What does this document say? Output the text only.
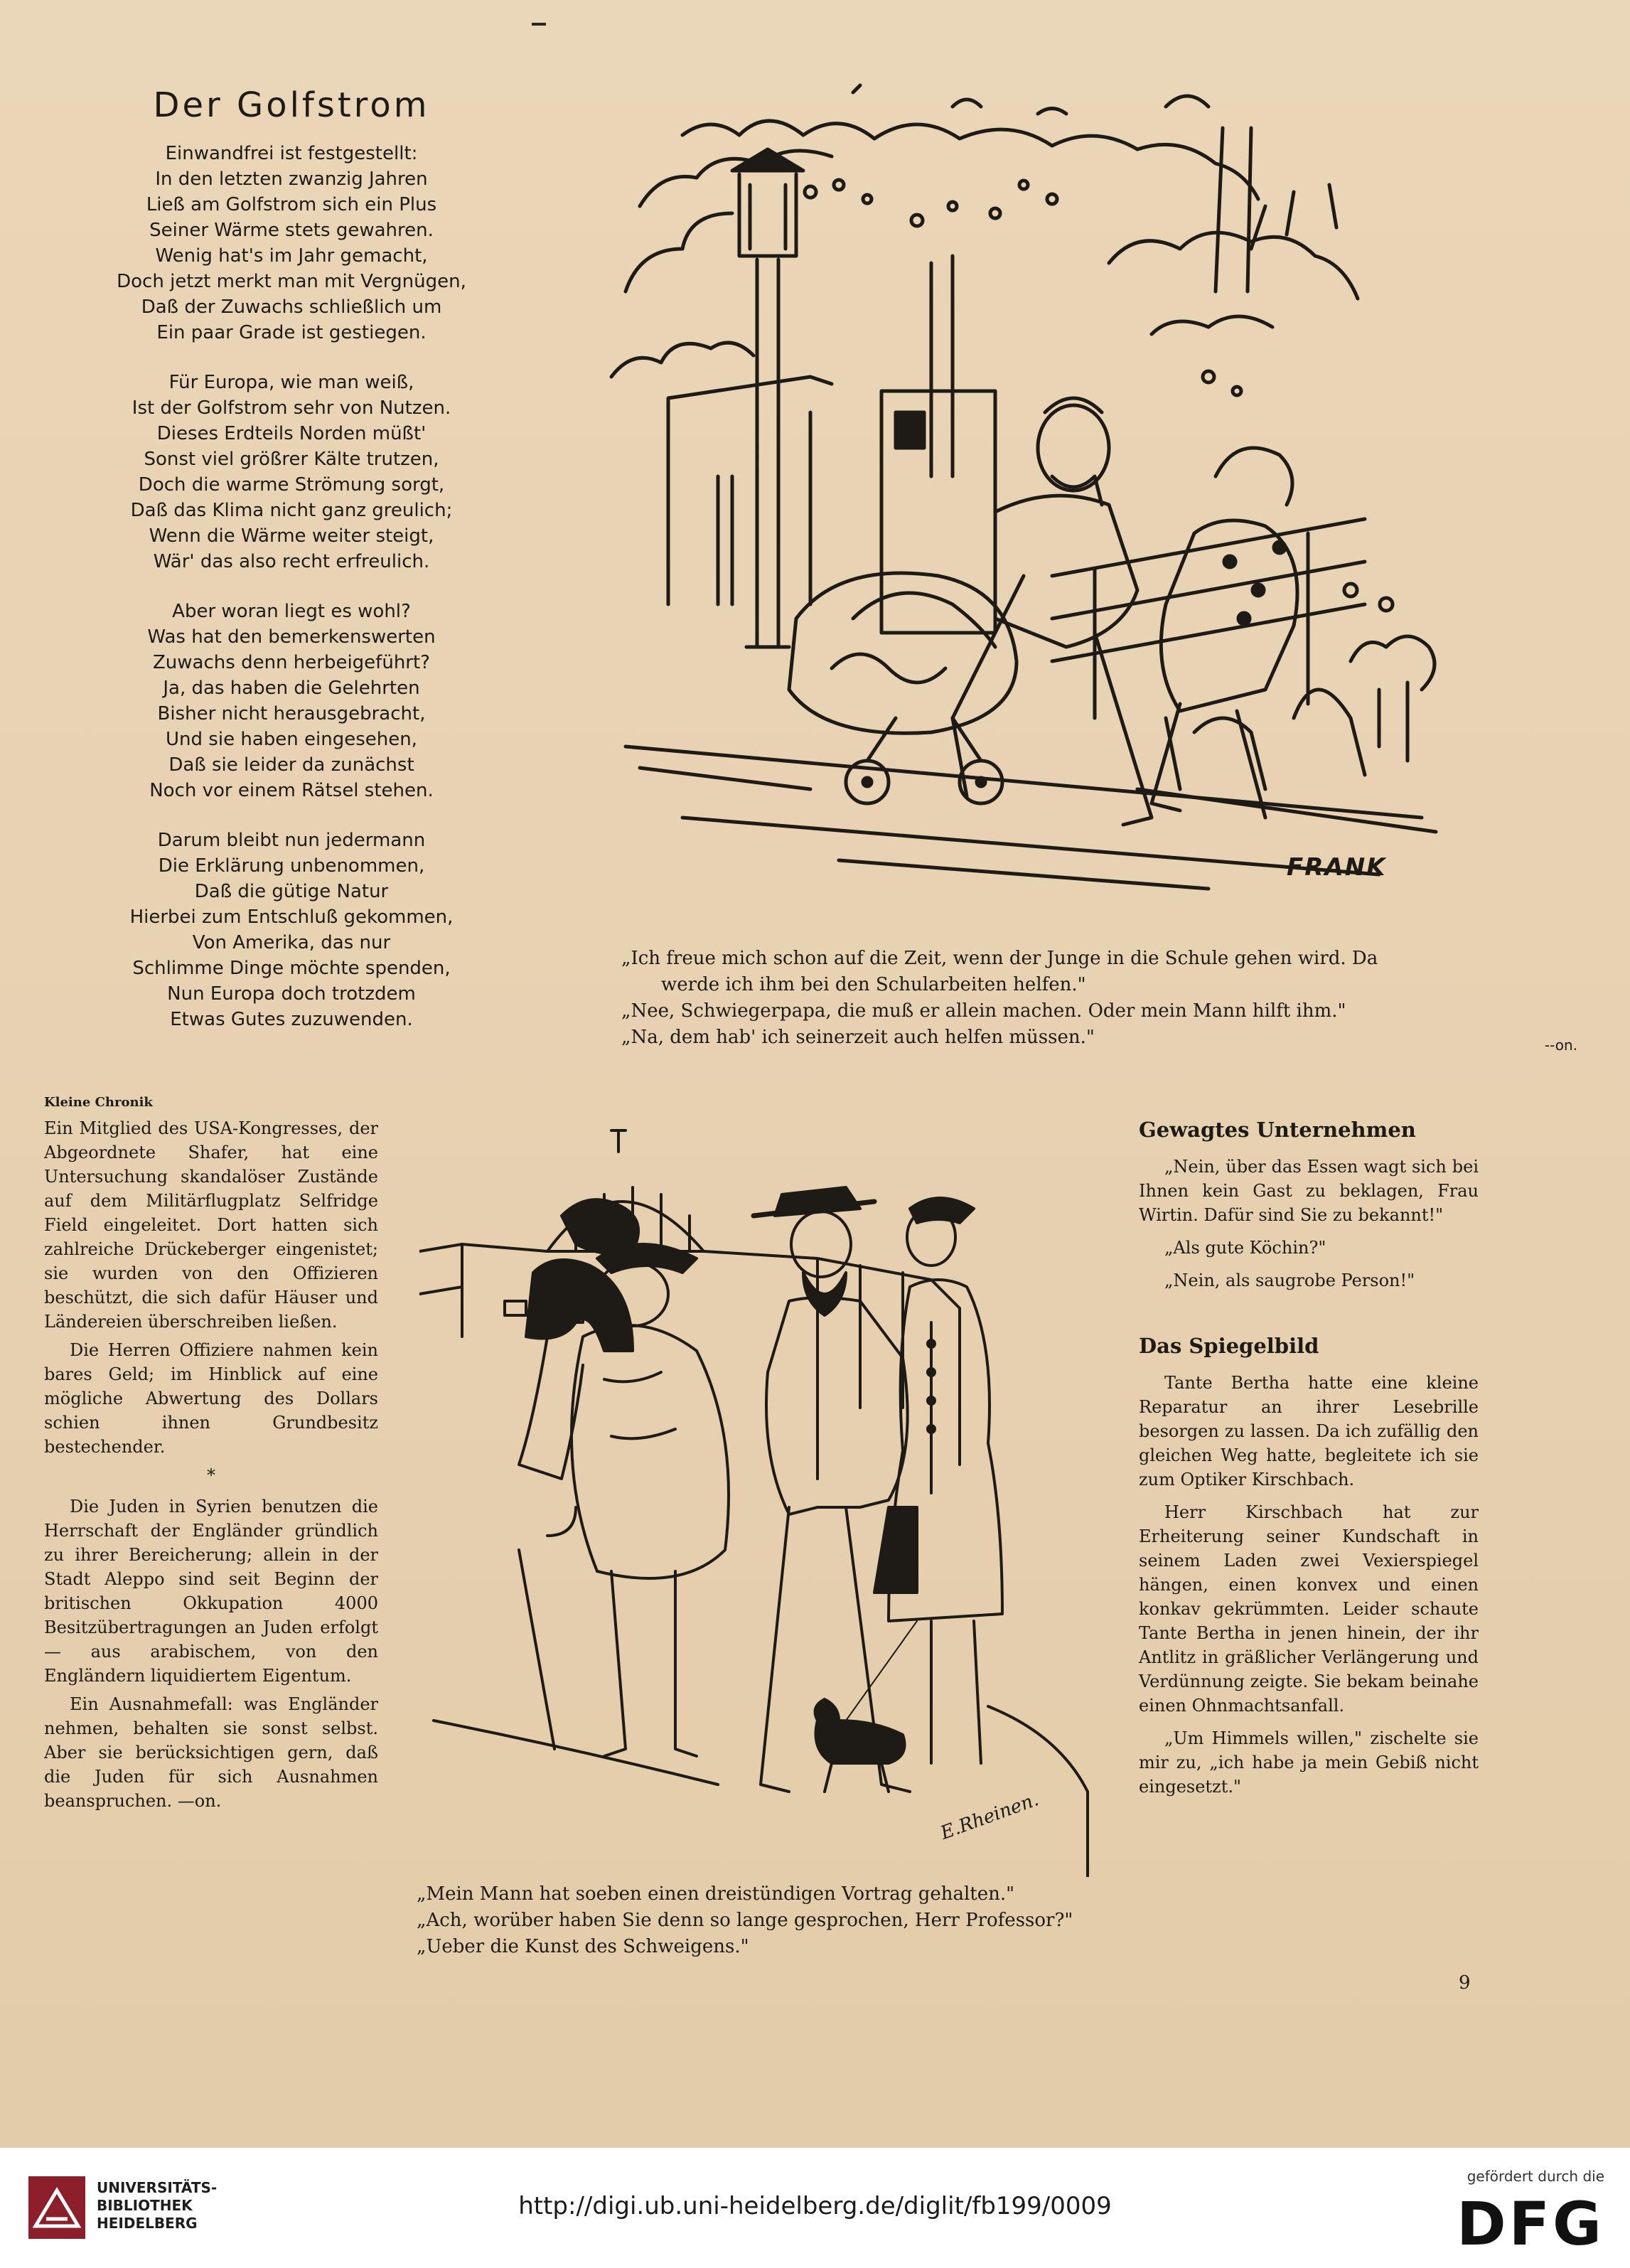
Der Golfstrom
Einwandfrei ist festgestellt:
In den letzten zwanzig Jahren
Ließ am Golfstrom sich ein Plus
Seiner Wärme stets gewahren.
Wenig hat's im Jahr gemacht,
Doch jetzt merkt man mit Vergnügen,
Daß der Zuwachs schließlich um
Ein paar Grade ist gestiegen.
Für Europa, wie man weiß,
Ist der Golfstrom sehr von Nutzen.
Dieses Erdteils Norden müßt'
Sonst viel größrer Kälte trutzen,
Doch die warme Strömung sorgt,
Daß das Klima nicht ganz greulich;
Wenn die Wärme weiter steigt,
Wär' das also recht erfreulich.
Aber woran liegt es wohl?
Was hat den bemerkenswerten
Zuwachs denn herbeigeführt?
Ja, das haben die Gelehrten
Bisher nicht herausgebracht,
Und sie haben eingesehen,
Daß sie leider da zunächst
Noch vor einem Rätsel stehen.
Darum bleibt nun jedermann
Die Erklärung unbenommen,
Daß die gütige Natur
Hierbei zum Entschluß gekommen,
Von Amerika, das nur
Schlimme Dinge möchte spenden,
Nun Europa doch trotzdem
Etwas Gutes zuzuwenden.
--on.
FRANK
„Ich freue mich schon auf die Zeit, wenn der Junge in die Schule gehen wird. Da
werde ich ihm bei den Schularbeiten helfen."
„Nee, Schwiegerpapa, die muß er allein machen. Oder mein Mann hilft ihm."
„Na, dem hab' ich seinerzeit auch helfen müssen."
Kleine Chronik

Ein Mitglied des USA-Kongresses, der Abgeordnete Shafer, hat eine Untersuchung skandalöser Zustände auf dem Militärflugplatz Selfridge Field eingeleitet. Dort hatten sich zahlreiche Drückeberger eingenistet; sie wurden von den Offizieren beschützt, die sich dafür Häuser und Ländereien überschreiben ließen.

Die Herren Offiziere nahmen kein bares Geld; im Hinblick auf eine mögliche Abwertung des Dollars schien ihnen Grundbesitz bestechender.

*

Die Juden in Syrien benutzen die Herrschaft der Engländer gründlich zu ihrer Bereicherung; allein in der Stadt Aleppo sind seit Beginn der britischen Okkupation 4000 Besitzübertragungen an Juden erfolgt — aus arabischem, von den Engländern liquidiertem Eigentum.

Ein Ausnahmefall: was Engländer nehmen, behalten sie sonst selbst. Aber sie berücksichtigen gern, daß die Juden für sich Ausnahmen beanspruchen. —on.	E.Rheinen.
„Mein Mann hat soeben einen dreistündigen Vortrag gehalten."
„Ach, worüber haben Sie denn so lange gesprochen, Herr Professor?"
„Ueber die Kunst des Schweigens."
Gewagtes Unternehmen

„Nein, über das Essen wagt sich bei Ihnen kein Gast zu beklagen, Frau Wirtin. Dafür sind Sie zu bekannt!"

„Als gute Köchin?"

„Nein, als saugrobe Person!"

Das Spiegelbild

Tante Bertha hatte eine kleine Reparatur an ihrer Lesebrille besorgen zu lassen. Da ich zufällig den gleichen Weg hatte, begleitete ich sie zum Optiker Kirschbach.

Herr Kirschbach hat zur Erheiterung seiner Kundschaft in seinem Laden zwei Vexierspiegel hängen, einen konvex und einen konkav gekrümmten. Leider schaute Tante Bertha in jenen hinein, der ihr Antlitz in gräßlicher Verlängerung und Verdünnung zeigte. Sie bekam beinahe einen Ohnmachtsanfall.

„Um Himmels willen," zischelte sie mir zu, „ich habe ja mein Gebiß nicht eingesetzt."

9
UNIVERSITÄTS-
BIBLIOTHEK
HEIDELBERG
http://digi.ub.uni-heidelberg.de/diglit/fb199/0009
gefördert durch die
DFG
